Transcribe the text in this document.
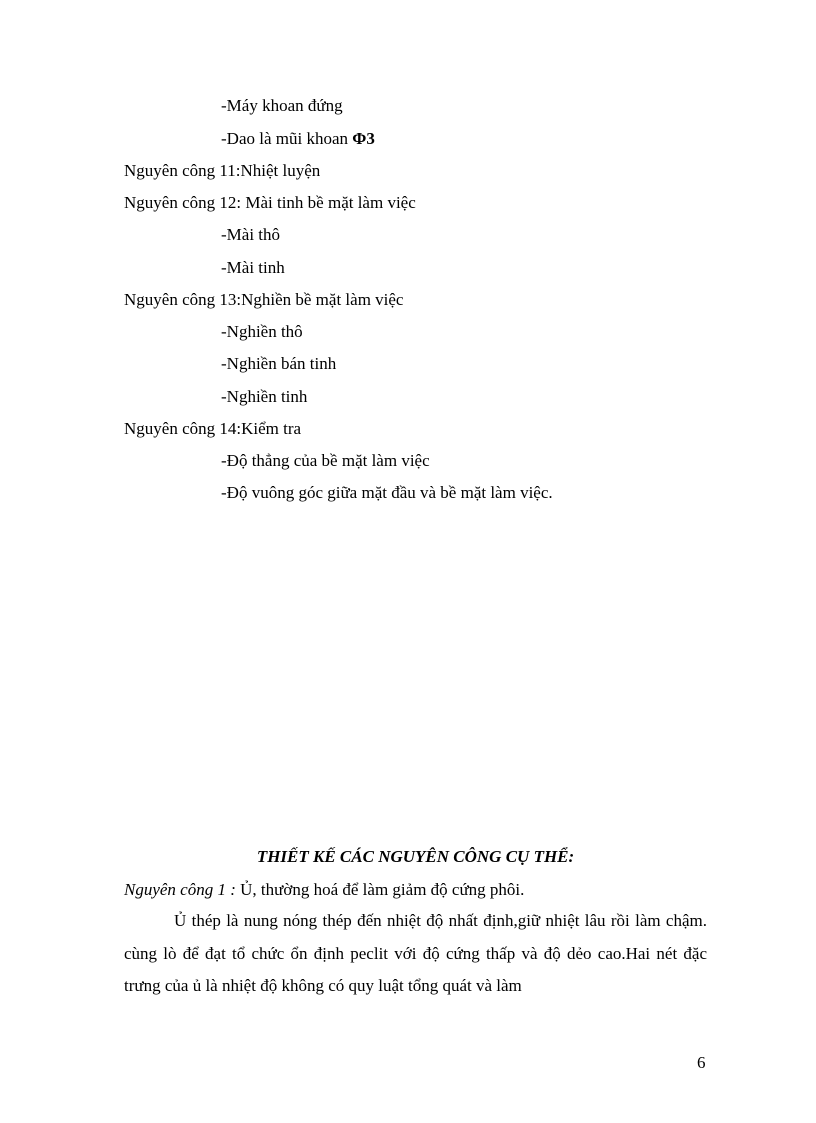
-Máy khoan đứng
-Dao là mũi khoan Φ3
Nguyên công 11:Nhiệt luyện
Nguyên công 12: Mài tinh bề mặt làm việc
-Mài thô
-Mài tinh
Nguyên công 13:Nghiền bề mặt làm việc
-Nghiền thô
-Nghiền bán tinh
-Nghiền tinh
Nguyên công 14:Kiểm tra
-Độ thẳng của bề mặt làm việc
-Độ vuông góc giữa mặt đầu và bề mặt làm việc.
THIẾT KẾ CÁC NGUYÊN CÔNG CỤ THỂ:
Nguyên công 1 : Ủ, thường hoá để làm giảm độ cứng phôi.
Ủ thép là nung nóng thép đến nhiệt độ nhất định,giữ nhiệt lâu rồi làm chậm. cùng lò để đạt tổ chức ổn định peclit với độ cứng thấp và độ dẻo cao.Hai nét đặc trưng của ủ là nhiệt độ không có quy luật tổng quát và làm
6
